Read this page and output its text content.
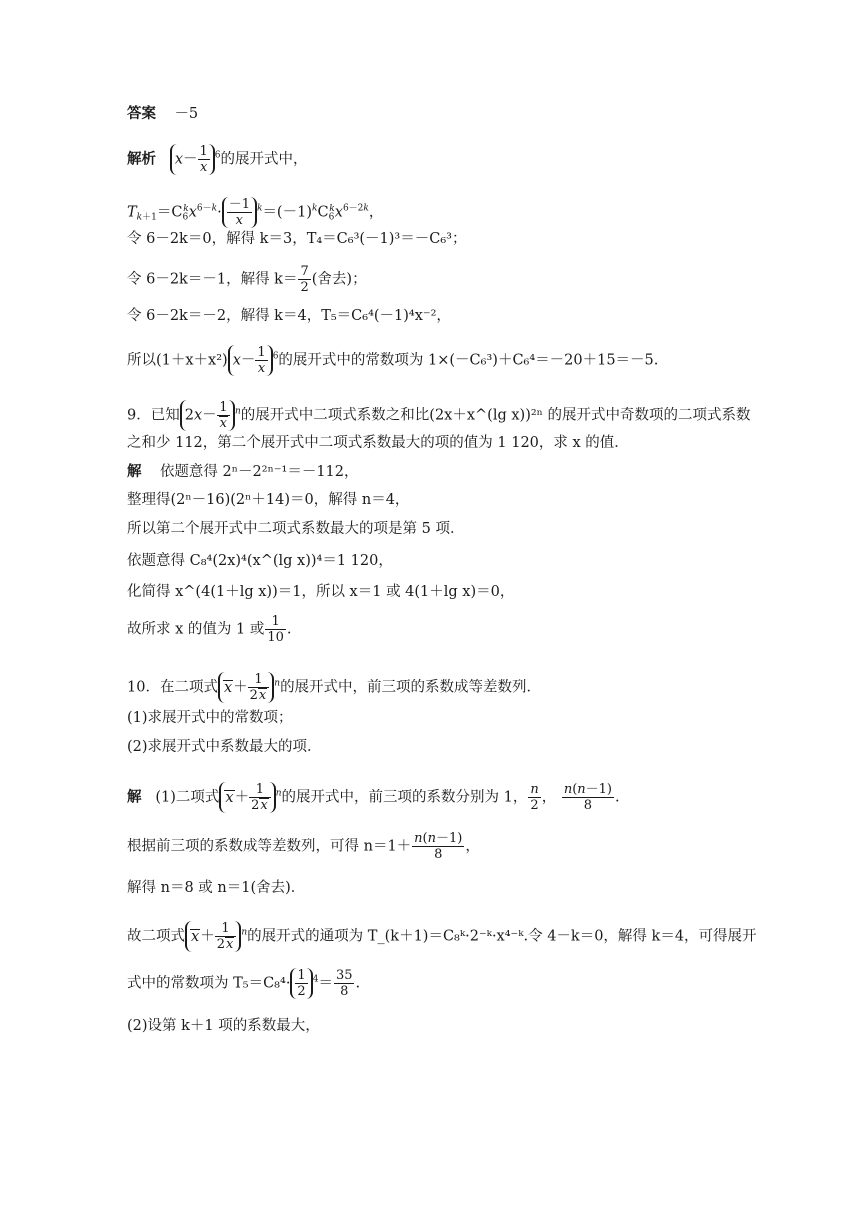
答案 －5
解析 $x- \frac{1}{x} ^6$的展开式中，
$T_{k+1}=C_6^kx^{6-k}\cdot \frac{-1}{x} ^k=(-1)^kC_6^kx^{6-2k}$，
令 6－2k＝0，解得 k＝3，T₄＝C₆³(－1)³＝－C₆³；
令 6－2k＝－1，解得 $k= \frac{7}{2}$ (舍去)；
令 6－2k＝－2，解得 k＝4，T₅＝C₆⁴(－1)⁴x⁻²，
所以(1＋x＋x²) $x- \frac{1}{x} ^6$的展开式中的常数项为 1×(－C₆³)＋C₆⁴＝－20＋15＝－5.
9．已知 $2x- \frac{1}{x} ^n$的展开式中二项式系数之和比(2x＋x^(lg x))²ⁿ 的展开式中奇数项的二项式系数
之和少 112，第二个展开式中二项式系数最大的项的值为 1 120，求 x 的值．
解 依题意得 2ⁿ－2²ⁿ⁻¹＝－112，
整理得(2ⁿ－16)(2ⁿ＋14)＝0，解得 n＝4，
所以第二个展开式中二项式系数最大的项是第 5 项．
依题意得 C₈⁴(2x)⁴(x^(lg x))⁴＝1 120，
化简得 x^(4(1＋lg x))＝1，所以 x＝1 或 4(1＋lg x)＝0，
故所求 x 的值为 1 或 $\frac{1}{10}$ .
10．在二项式 $x+ \frac{1}{2x} ^n$的展开式中，前三项的系数成等差数列．
(1)求展开式中的常数项；
(2)求展开式中系数最大的项．
解 (1)二项式 $x+ \frac{1}{2x} ^n$的展开式中，前三项的系数分别为 1， $\frac{n}{2}$ ， $\frac{n(n-1)}{8}$ .
根据前三项的系数成等差数列，可得 $n=1+ \frac{n(n-1)}{8}$ ，
解得 n＝8 或 n＝1(舍去)．
故二项式 $x+ \frac{1}{2x} ^n$的展开式的通项为 T_(k＋1)＝C₈ᵏ·2⁻ᵏ·x⁴⁻ᵏ.令 4－k＝0，解得 k＝4，可得展开
式中的常数项为 $T_5=C_8^4\cdot \frac{1}{2} ^4= \frac{35}{8}$ .
(2)设第 k＋1 项的系数最大，
